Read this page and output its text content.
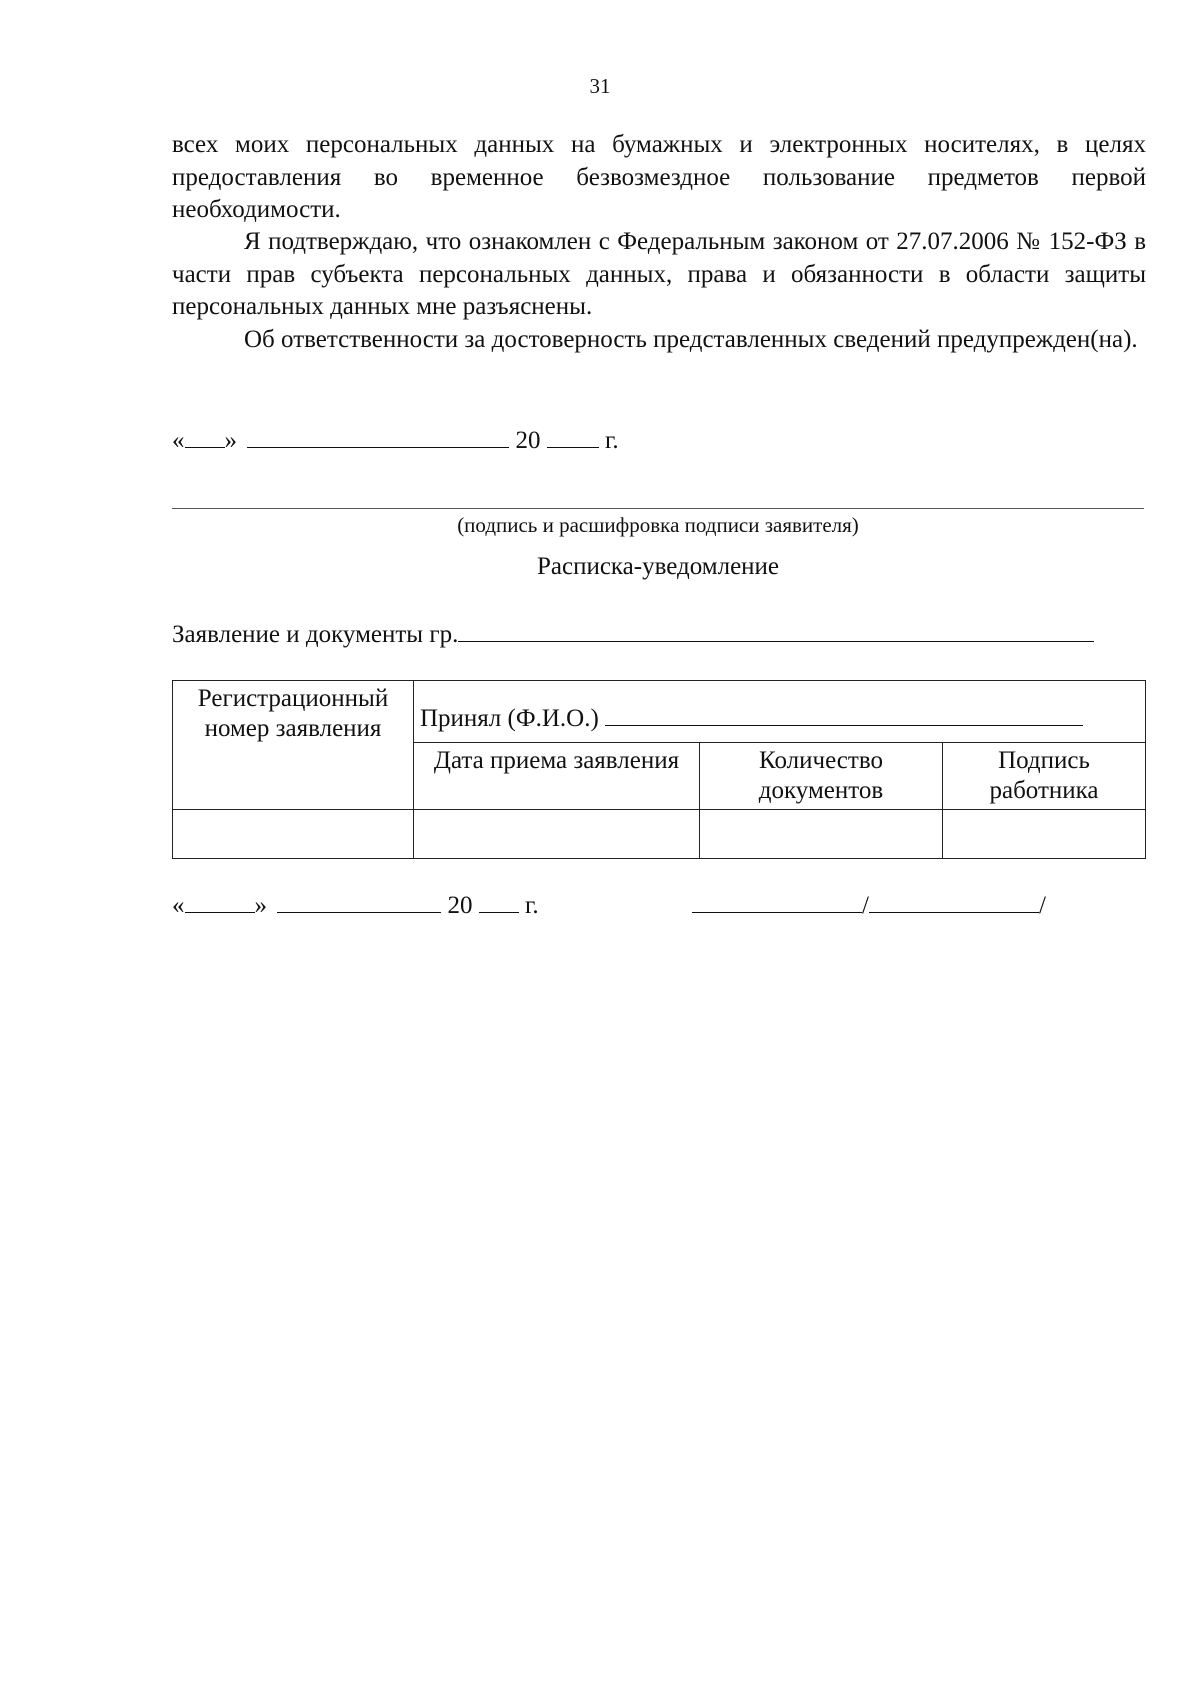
31
всех моих персональных данных на бумажных и электронных носителях, в целях предоставления во временное безвозмездное пользование предметов первой необходимости.
Я подтверждаю, что ознакомлен с Федеральным законом от 27.07.2006 № 152-ФЗ в части прав субъекта персональных данных, права и обязанности в области защиты персональных данных мне разъяснены.
Об ответственности за достоверность представленных сведений предупрежден(на).
« »	20	г.
(подпись и расшифровка подписи заявителя)
Расписка-уведомление
Заявление и документы гр.
Регистрационный номер заявления	Принял (Ф.И.О.)		
	Дата приема заявления	Количество документов	Подпись работника

«	»	20 г.	/	/
